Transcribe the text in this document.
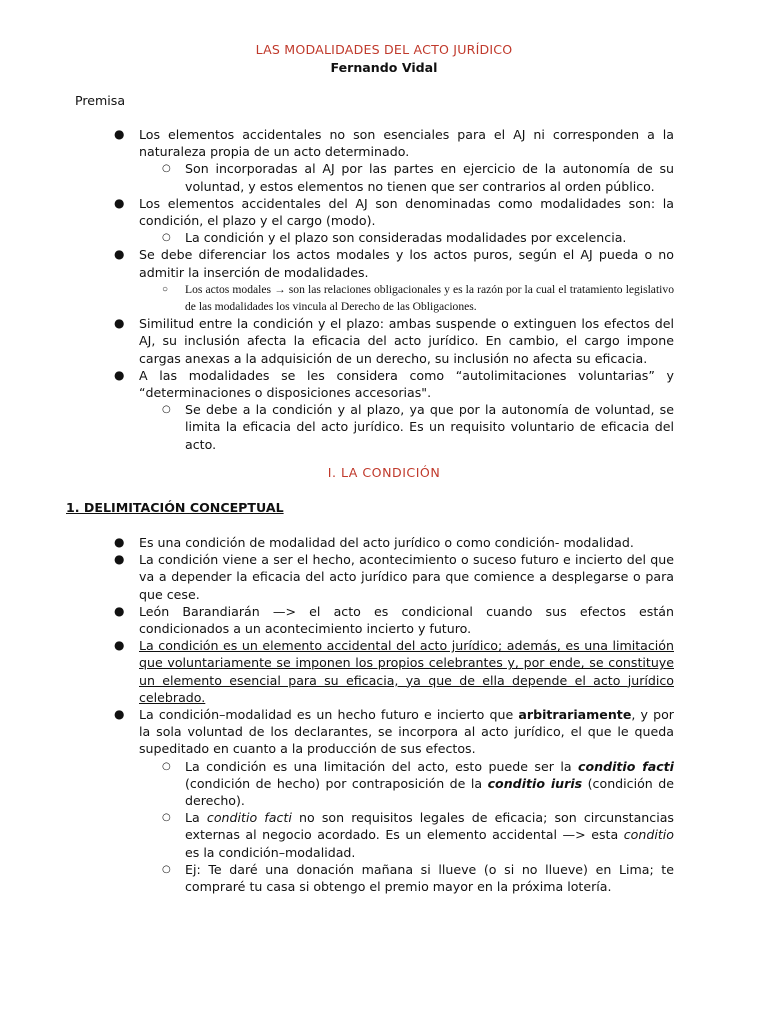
LAS MODALIDADES DEL ACTO JURÍDICO
Fernando Vidal
Premisa
● Los elementos accidentales no son esenciales para el AJ ni corresponden a la naturaleza propia de un acto determinado.
○ Son incorporadas al AJ por las partes en ejercicio de la autonomía de su voluntad, y estos elementos no tienen que ser contrarios al orden público.
● Los elementos accidentales del AJ son denominadas como modalidades son: la condición, el plazo y el cargo (modo).
○ La condición y el plazo son consideradas modalidades por excelencia.
● Se debe diferenciar los actos modales y los actos puros, según el AJ pueda o no admitir la inserción de modalidades.
○ Los actos modales → son las relaciones obligacionales y es la razón por la cual el tratamiento legislativo de las modalidades los vincula al Derecho de las Obligaciones.
● Similitud entre la condición y el plazo: ambas suspende o extinguen los efectos del AJ, su inclusión afecta la eficacia del acto jurídico. En cambio, el cargo impone cargas anexas a la adquisición de un derecho, su inclusión no afecta su eficacia.
● A las modalidades se les considera como “autolimitaciones voluntarias” y “determinaciones o disposiciones accesorias".
○ Se debe a la condición y al plazo, ya que por la autonomía de voluntad, se limita la eficacia del acto jurídico. Es un requisito voluntario de eficacia del acto.
I. LA CONDICIÓN
1. DELIMITACIÓN CONCEPTUAL
● Es una condición de modalidad del acto jurídico o como condición- modalidad.
● La condición viene a ser el hecho, acontecimiento o suceso futuro e incierto del que va a depender la eficacia del acto jurídico para que comience a desplegarse o para que cese.
● León Barandiarán —> el acto es condicional cuando sus efectos están condicionados a un acontecimiento incierto y futuro.
● La condición es un elemento accidental del acto jurídico; además, es una limitación que voluntariamente se imponen los propios celebrantes y, por ende, se constituye un elemento esencial para su eficacia, ya que de ella depende el acto jurídico celebrado.
● La condición–modalidad es un hecho futuro e incierto que arbitrariamente, y por la sola voluntad de los declarantes, se incorpora al acto jurídico, el que le queda supeditado en cuanto a la producción de sus efectos.
○ La condición es una limitación del acto, esto puede ser la conditio facti (condición de hecho) por contraposición de la conditio iuris (condición de derecho).
○ La conditio facti no son requisitos legales de eficacia; son circunstancias externas al negocio acordado. Es un elemento accidental —> esta conditio es la condición–modalidad.
○ Ej: Te daré una donación mañana si llueve (o si no llueve) en Lima; te compraré tu casa si obtengo el premio mayor en la próxima lotería.
